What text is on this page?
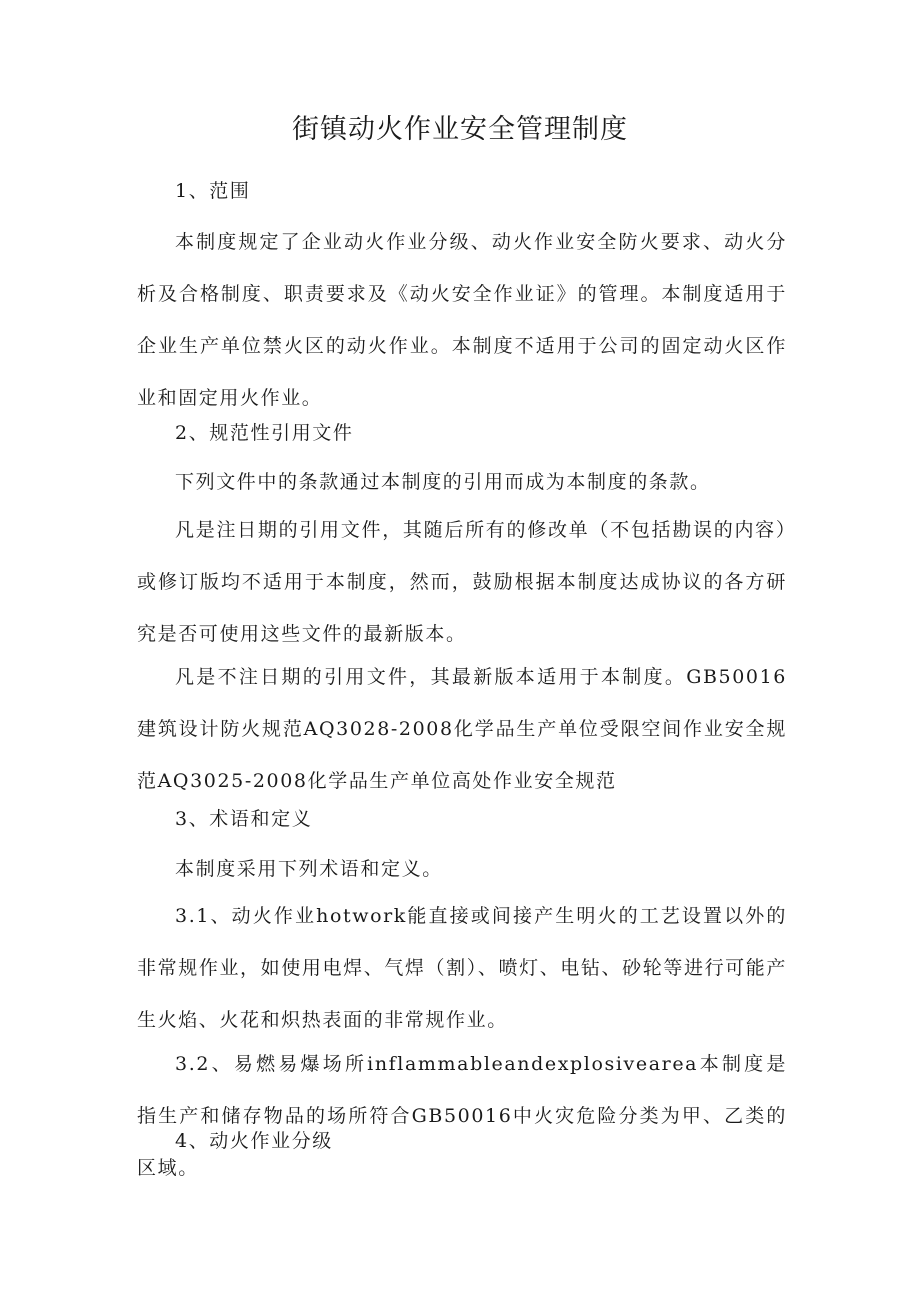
街镇动火作业安全管理制度

1、范围

本制度规定了企业动火作业分级、动火作业安全防火要求、动火分析及合格制度、职责要求及《动火安全作业证》的管理。本制度适用于企业生产单位禁火区的动火作业。本制度不适用于公司的固定动火区作业和固定用火作业。

2、规范性引用文件

下列文件中的条款通过本制度的引用而成为本制度的条款。

凡是注日期的引用文件，其随后所有的修改单（不包括勘误的内容）或修订版均不适用于本制度，然而，鼓励根据本制度达成协议的各方研究是否可使用这些文件的最新版本。

凡是不注日期的引用文件，其最新版本适用于本制度。GB50016建筑设计防火规范AQ3028-2008化学品生产单位受限空间作业安全规范AQ3025-2008化学品生产单位高处作业安全规范

3、术语和定义

本制度采用下列术语和定义。

3.1、动火作业hotwork能直接或间接产生明火的工艺设置以外的非常规作业，如使用电焊、气焊（割）、喷灯、电钻、砂轮等进行可能产生火焰、火花和炽热表面的非常规作业。

3.2、易燃易爆场所inflammableandexplosivearea本制度是指生产和储存物品的场所符合GB50016中火灾危险分类为甲、乙类的区域。

4、动火作业分级
